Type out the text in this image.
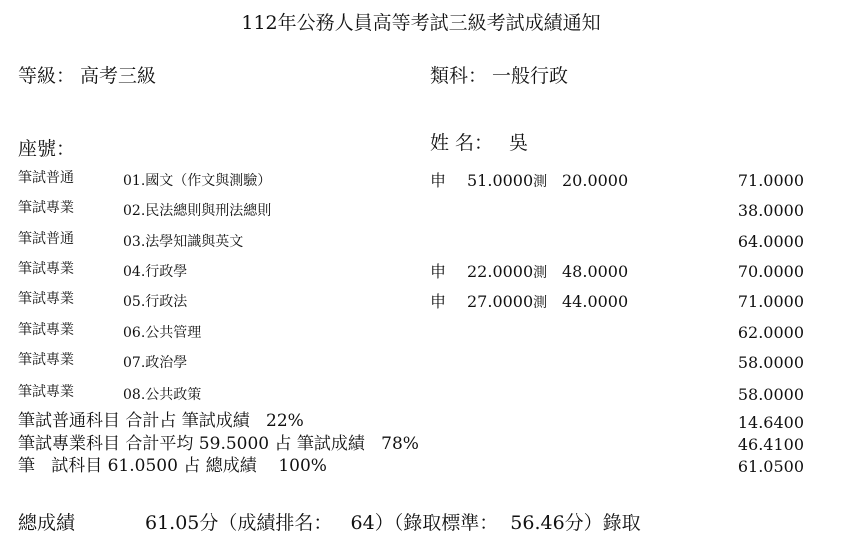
112年公務人員高等考試三級考試成績通知
等級： 高考三級	類科： 一般行政
座號：	姓 名： 吳
筆試普通	01.國文（作文與測驗）	申 51.0000測 20.0000	71.0000
筆試專業	02.民法總則與刑法總則	38.0000
筆試普通	03.法學知識與英文	64.0000
筆試專業	04.行政學	申 22.0000測 48.0000	70.0000
筆試專業	05.行政法	申 27.0000測 44.0000	71.0000
筆試專業	06.公共管理	62.0000
筆試專業	07.政治學	58.0000
筆試專業	08.公共政策	58.0000
筆試普通科目 合計占 筆試成績   22%	14.6400
筆試專業科目 合計平均 59.5000 占 筆試成績   78%	46.4100
筆   試科目 61.0500 占 總成績    100%	61.0500
總成績	61.05分（成績排名：   64）（錄取標準：  56.46分）錄取
